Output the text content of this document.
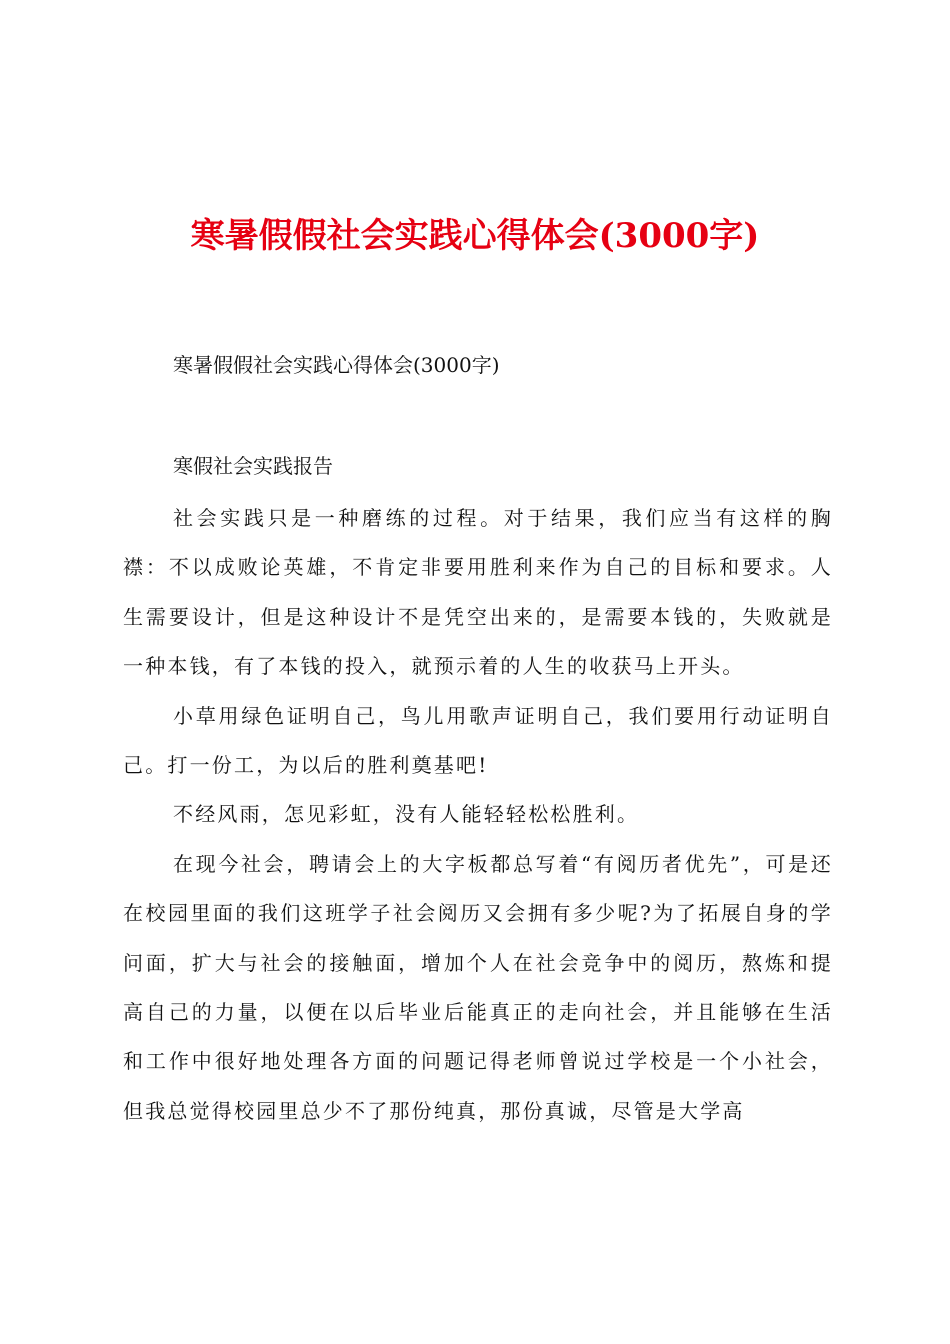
寒暑假假社会实践心得体会(3000字)

寒暑假假社会实践心得体会(3000字)

寒假社会实践报告

社会实践只是一种磨练的过程。对于结果，我们应当有这样的胸襟：不以成败论英雄，不肯定非要用胜利来作为自己的目标和要求。人生需要设计，但是这种设计不是凭空出来的，是需要本钱的，失败就是一种本钱，有了本钱的投入，就预示着的人生的收获马上开头。

小草用绿色证明自己，鸟儿用歌声证明自己，我们要用行动证明自己。打一份工，为以后的胜利奠基吧!

不经风雨，怎见彩虹，没有人能轻轻松松胜利。

在现今社会，聘请会上的大字板都总写着“有阅历者优先”，可是还在校园里面的我们这班学子社会阅历又会拥有多少呢?为了拓展自身的学问面，扩大与社会的接触面，增加个人在社会竞争中的阅历，熬炼和提高自己的力量，以便在以后毕业后能真正的走向社会，并且能够在生活和工作中很好地处理各方面的问题记得老师曾说过学校是一个小社会，但我总觉得校园里总少不了那份纯真，那份真诚，尽管是大学高
